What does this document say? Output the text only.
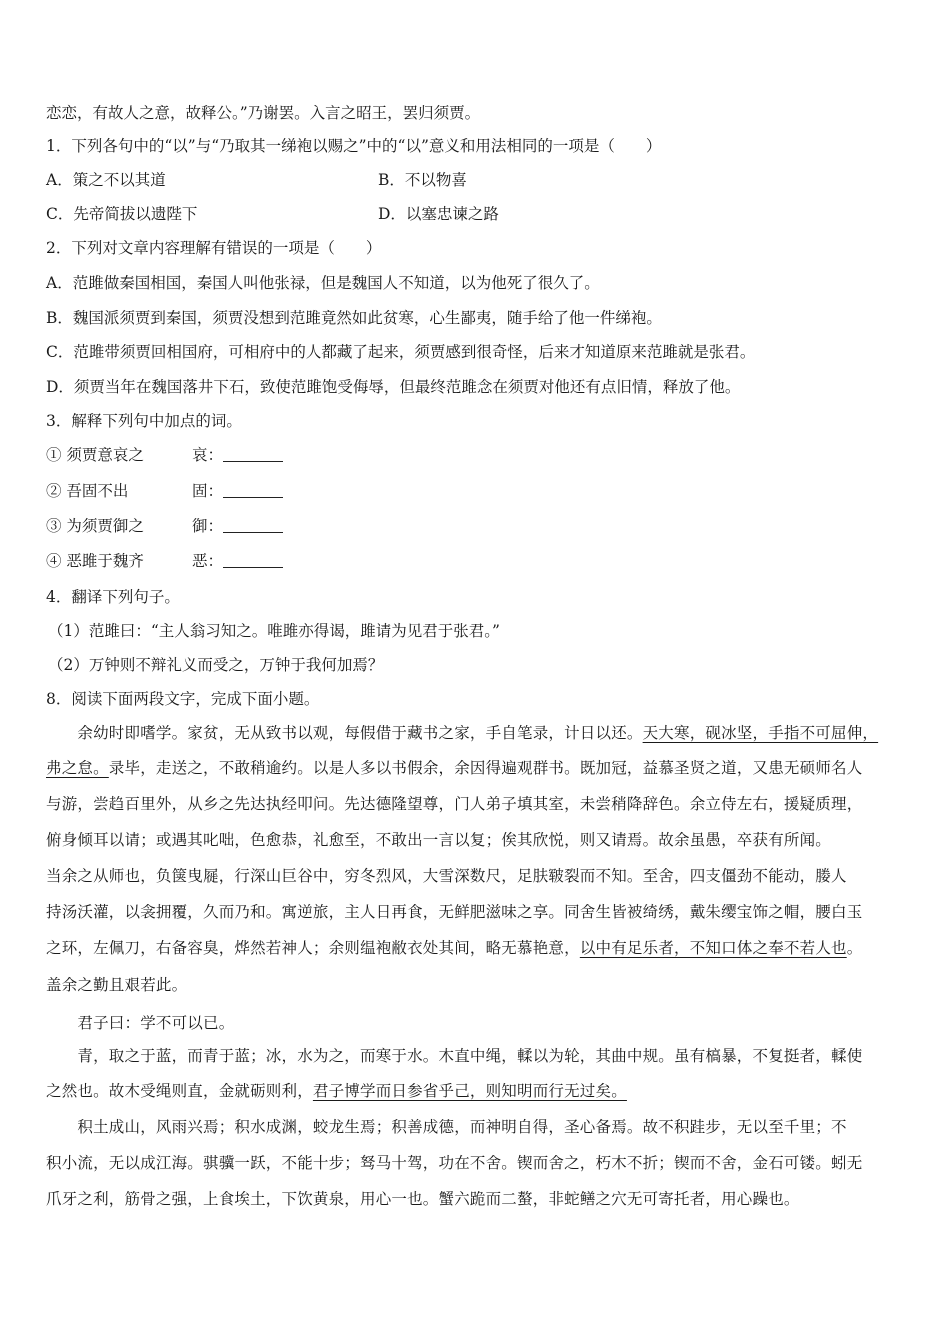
恋恋，有故人之意，故释公。”乃谢罢。入言之昭王，罢归须贾。
1．下列各句中的“以”与“乃取其一绨袍以赐之”中的“以”意义和用法相同的一项是（　　）
A．策之不以其道	B．不以物喜
C．先帝简拔以遗陛下	D．以塞忠谏之路
2．下列对文章内容理解有错误的一项是（　　）
A．范雎做秦国相国，秦国人叫他张禄，但是魏国人不知道，以为他死了很久了。
B．魏国派须贾到秦国，须贾没想到范雎竟然如此贫寒，心生鄙夷，随手给了他一件绨袍。
C．范雎带须贾回相国府，可相府中的人都藏了起来，须贾感到很奇怪，后来才知道原来范雎就是张君。
D．须贾当年在魏国落井下石，致使范雎饱受侮辱，但最终范雎念在须贾对他还有点旧情，释放了他。
3．解释下列句中加点的词。
① 须贾意哀之	哀：
② 吾固不出	固：
③ 为须贾御之	御：
④ 恶雎于魏齐	恶：
4．翻译下列句子。
（1）范雎曰：“主人翁习知之。唯雎亦得谒，雎请为见君于张君。”
（2）万钟则不辩礼义而受之，万钟于我何加焉？
8．阅读下面两段文字，完成下面小题。
　　余幼时即嗜学。家贫，无从致书以观，每假借于藏书之家，手自笔录，计日以还。天大寒，砚冰坚，手指不可屈伸，
弗之怠。录毕，走送之，不敢稍逾约。以是人多以书假余，余因得遍观群书。既加冠，益慕圣贤之道，又患无硕师名人
与游，尝趋百里外，从乡之先达执经叩问。先达德隆望尊，门人弟子填其室，未尝稍降辞色。余立侍左右，援疑质理，
俯身倾耳以请；或遇其叱咄，色愈恭，礼愈至，不敢出一言以复；俟其欣悦，则又请焉。故余虽愚，卒获有所闻。
当余之从师也，负箧曳屣，行深山巨谷中，穷冬烈风，大雪深数尺，足肤皲裂而不知。至舍，四支僵劲不能动，媵人
持汤沃灌，以衾拥覆，久而乃和。寓逆旅，主人日再食，无鲜肥滋味之享。同舍生皆被绮绣，戴朱缨宝饰之帽，腰白玉
之环，左佩刀，右备容臭，烨然若神人；余则缊袍敝衣处其间，略无慕艳意，以中有足乐者，不知口体之奉不若人也。
盖余之勤且艰若此。
　　君子曰：学不可以已。
　　青，取之于蓝，而青于蓝；冰，水为之，而寒于水。木直中绳，輮以为轮，其曲中规。虽有槁暴，不复挺者，輮使
之然也。故木受绳则直，金就砺则利，君子博学而日参省乎己，则知明而行无过矣。
　　积土成山，风雨兴焉；积水成渊，蛟龙生焉；积善成德，而神明自得，圣心备焉。故不积跬步，无以至千里；不
积小流，无以成江海。骐骥一跃，不能十步；驽马十驾，功在不舍。锲而舍之，朽木不折；锲而不舍，金石可镂。蚓无
爪牙之利，筋骨之强，上食埃土，下饮黄泉，用心一也。蟹六跪而二螯，非蛇鳝之穴无可寄托者，用心躁也。
